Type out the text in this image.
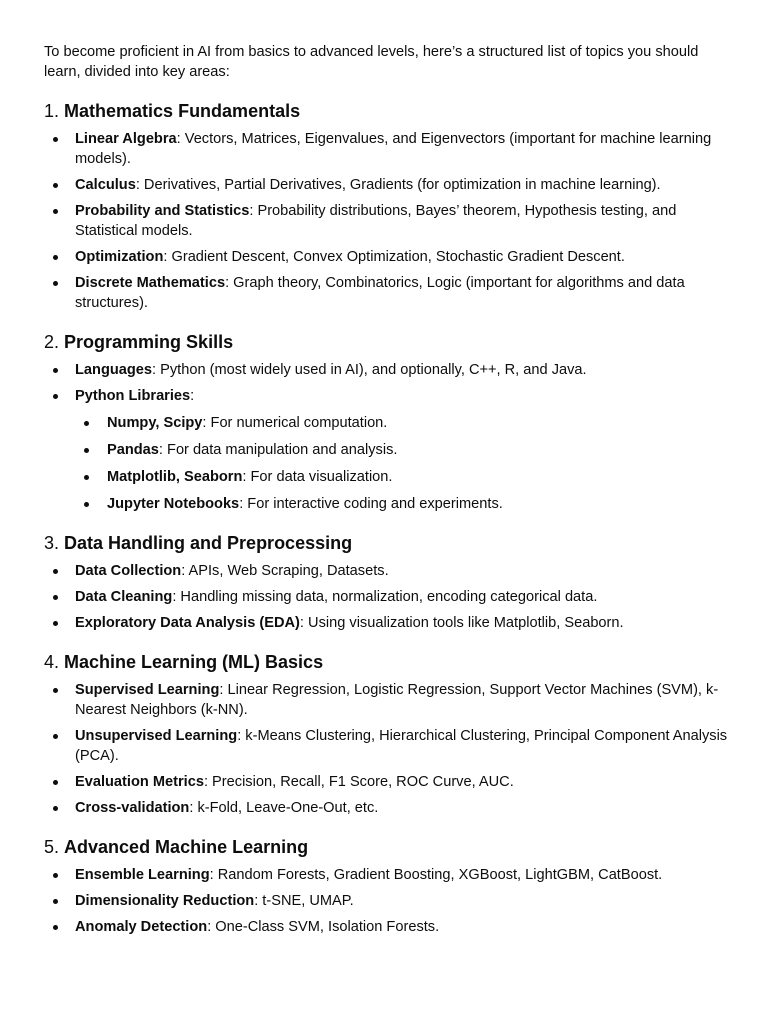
To become proficient in AI from basics to advanced levels, here’s a structured list of topics you should learn, divided into key areas:

1. Mathematics Fundamentals
Linear Algebra: Vectors, Matrices, Eigenvalues, and Eigenvectors (important for machine learning models).
Calculus: Derivatives, Partial Derivatives, Gradients (for optimization in machine learning).
Probability and Statistics: Probability distributions, Bayes’ theorem, Hypothesis testing, and Statistical models.
Optimization: Gradient Descent, Convex Optimization, Stochastic Gradient Descent.
Discrete Mathematics: Graph theory, Combinatorics, Logic (important for algorithms and data structures).
2. Programming Skills
Languages: Python (most widely used in AI), and optionally, C++, R, and Java.
Python Libraries:
Numpy, Scipy: For numerical computation.
Pandas: For data manipulation and analysis.
Matplotlib, Seaborn: For data visualization.
Jupyter Notebooks: For interactive coding and experiments.
3. Data Handling and Preprocessing
Data Collection: APIs, Web Scraping, Datasets.
Data Cleaning: Handling missing data, normalization, encoding categorical data.
Exploratory Data Analysis (EDA): Using visualization tools like Matplotlib, Seaborn.
4. Machine Learning (ML) Basics
Supervised Learning: Linear Regression, Logistic Regression, Support Vector Machines (SVM), k-Nearest Neighbors (k-NN).
Unsupervised Learning: k-Means Clustering, Hierarchical Clustering, Principal Component Analysis (PCA).
Evaluation Metrics: Precision, Recall, F1 Score, ROC Curve, AUC.
Cross-validation: k-Fold, Leave-One-Out, etc.
5. Advanced Machine Learning
Ensemble Learning: Random Forests, Gradient Boosting, XGBoost, LightGBM, CatBoost.
Dimensionality Reduction: t-SNE, UMAP.
Anomaly Detection: One-Class SVM, Isolation Forests.
